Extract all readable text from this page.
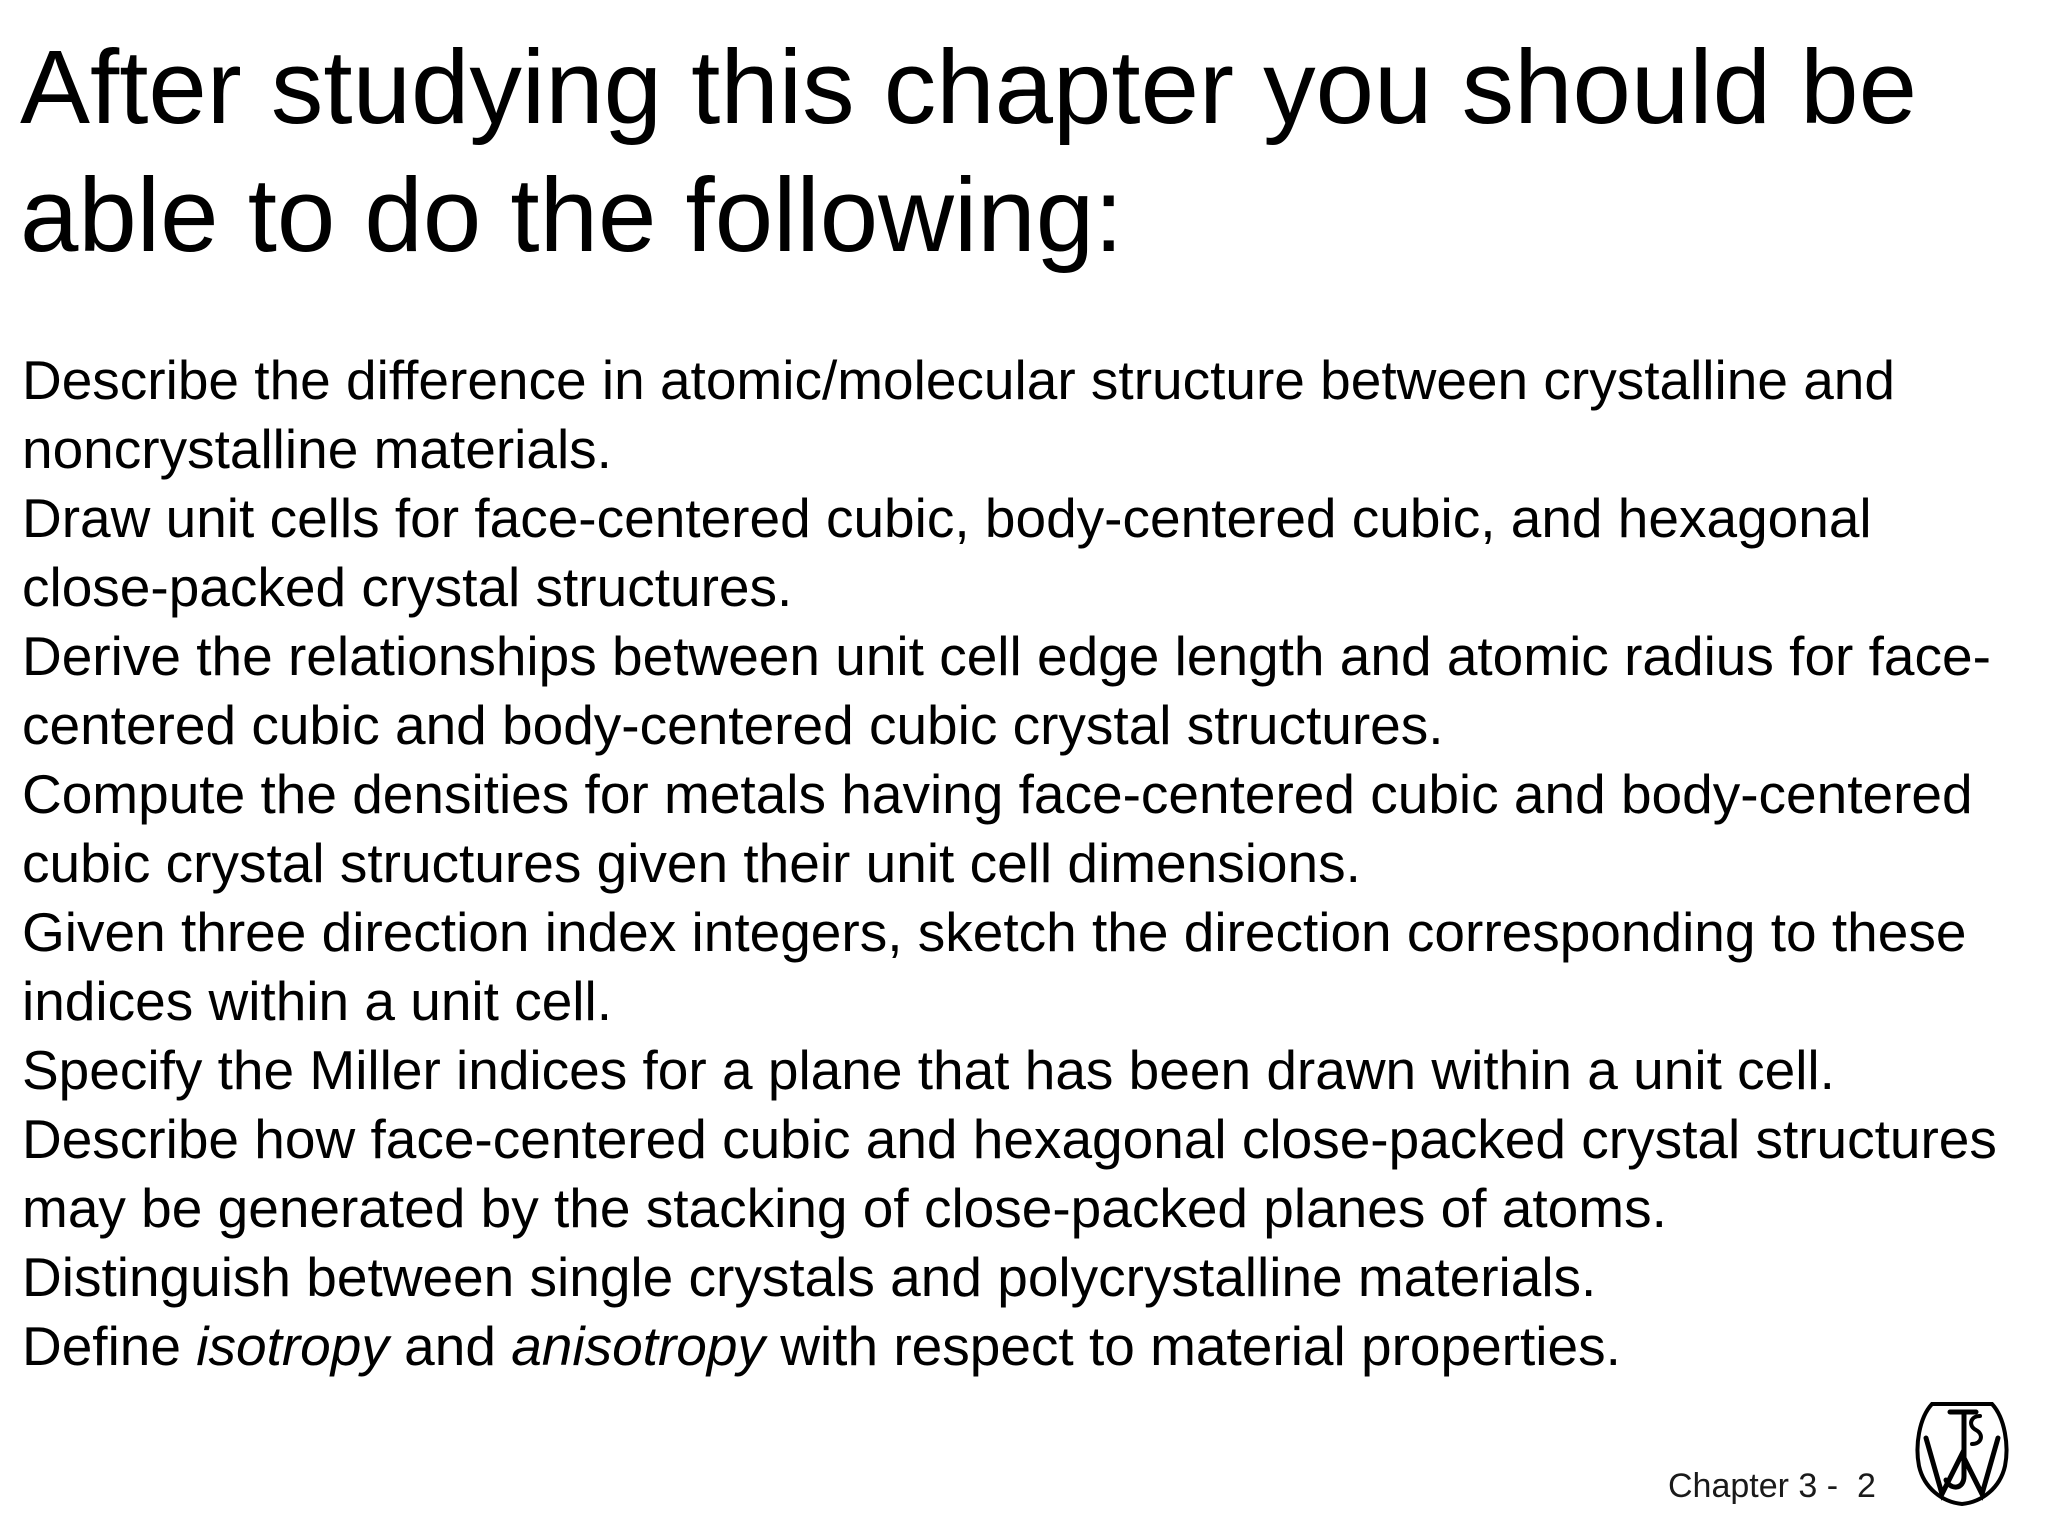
After studying this chapter you should be able to do the following:
Describe the difference in atomic/molecular structure between crystalline and noncrystalline materials.
Draw unit cells for face-centered cubic, body-centered cubic, and hexagonal close-packed crystal structures.
Derive the relationships between unit cell edge length and atomic radius for face-centered cubic and body-centered cubic crystal structures.
Compute the densities for metals having face-centered cubic and body-centered cubic crystal structures given their unit cell dimensions.
Given three direction index integers, sketch the direction corresponding to these indices within a unit cell.
Specify the Miller indices for a plane that has been drawn within a unit cell.
Describe how face-centered cubic and hexagonal close-packed crystal structures may be generated by the stacking of close-packed planes of atoms.
Distinguish between single crystals and polycrystalline materials.
Define isotropy and anisotropy with respect to material properties.
Chapter 3 - 2
